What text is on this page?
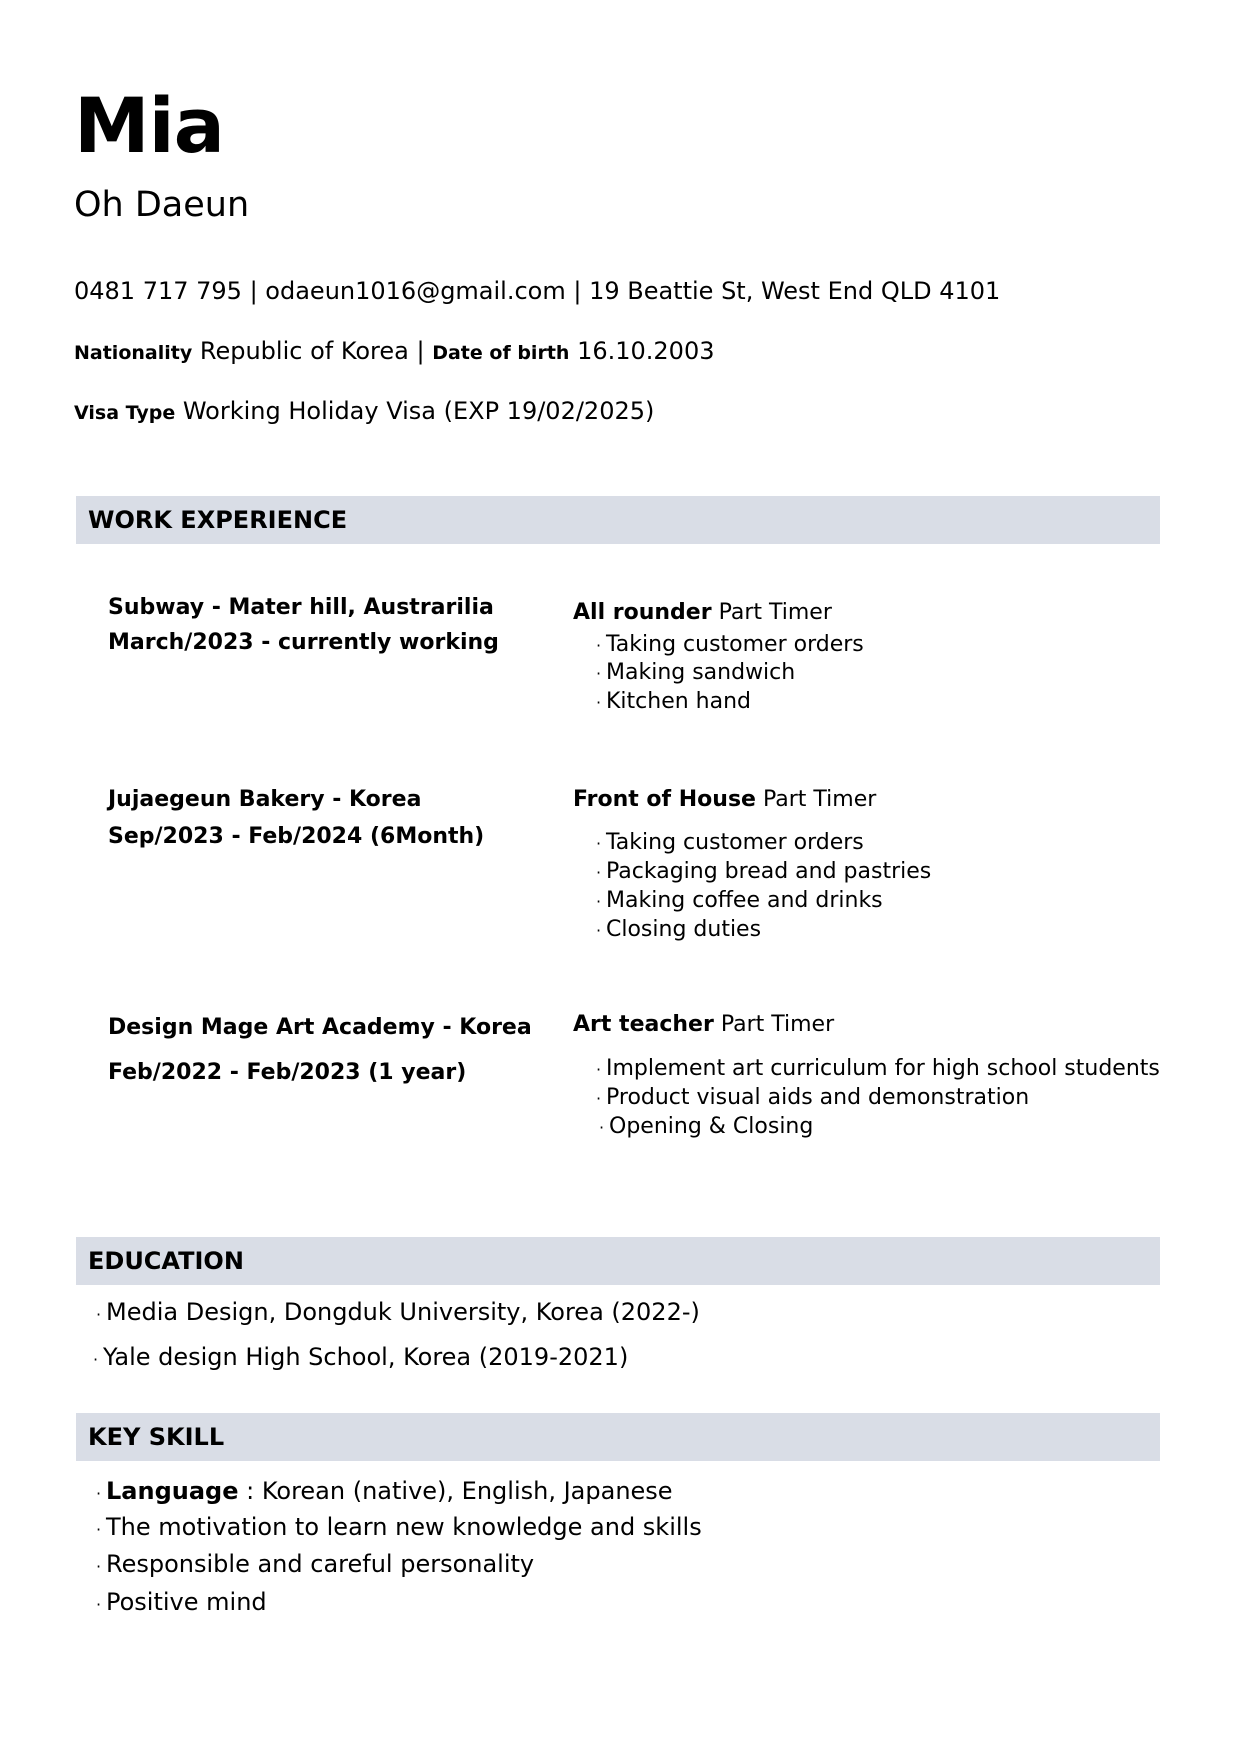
Mia
Oh Daeun
0481 717 795 | odaeun1016@gmail.com | 19 Beattie St, West End QLD 4101
Nationality Republic of Korea | Date of birth 16.10.2003
Visa Type Working Holiday Visa (EXP 19/02/2025)
WORK EXPERIENCE
Subway - Mater hill, Austrarilia
March/2023 - currently working
All rounder Part Timer
· Taking customer orders
· Making sandwich
· Kitchen hand
Jujaegeun Bakery - Korea
Sep/2023 - Feb/2024 (6Month)
Front of House Part Timer
· Taking customer orders
· Packaging bread and pastries
· Making coffee and drinks
· Closing duties
Design Mage Art Academy - Korea
Feb/2022 - Feb/2023 (1 year)
Art teacher Part Timer
· Implement art curriculum for high school students
· Product visual aids and demonstration
· Opening & Closing
EDUCATION
· Media Design, Dongduk University, Korea (2022-)
· Yale design High School, Korea (2019-2021)
KEY SKILL
· Language : Korean (native), English, Japanese
· The motivation to learn new knowledge and skills
· Responsible and careful personality
· Positive mind
